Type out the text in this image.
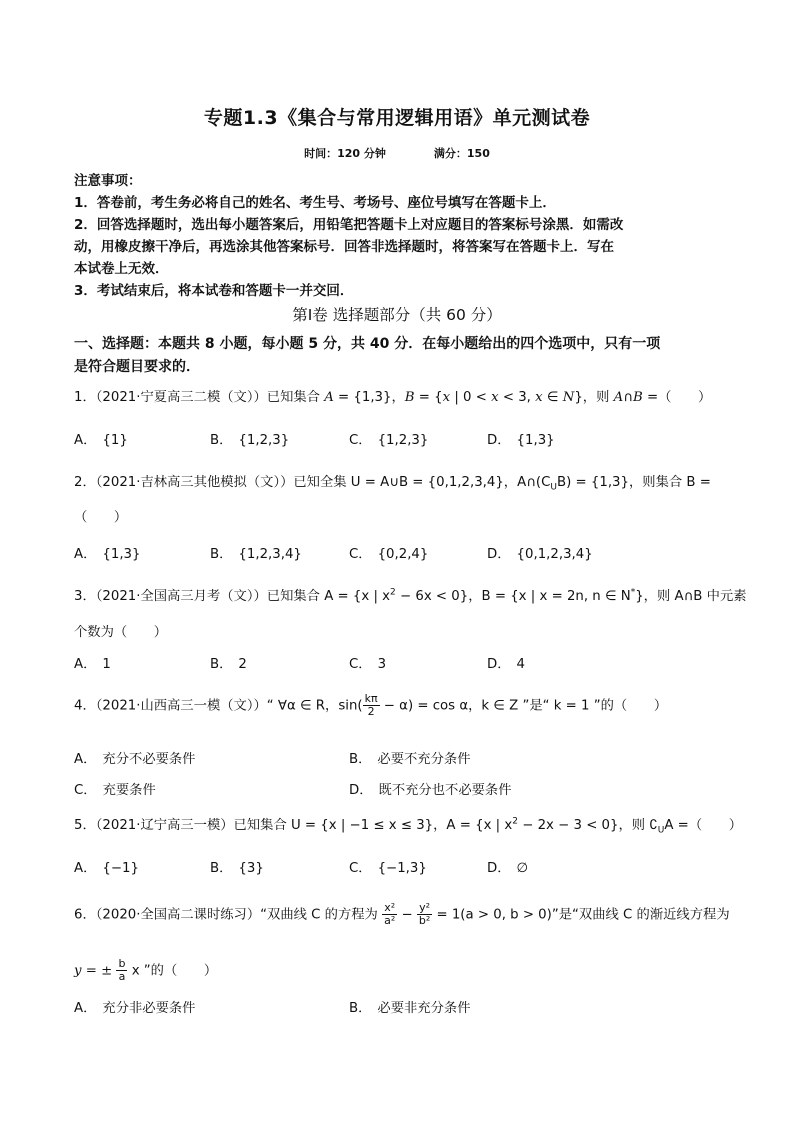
专题1.3《集合与常用逻辑用语》单元测试卷
时间：120 分钟	满分：150
注意事项：
1．答卷前，考生务必将自己的姓名、考生号、考场号、座位号填写在答题卡上．
2．回答选择题时，选出每小题答案后，用铅笔把答题卡上对应题目的答案标号涂黑．如需改
动，用橡皮擦干净后，再选涂其他答案标号．回答非选择题时，将答案写在答题卡上．写在
本试卷上无效．
3．考试结束后，将本试卷和答题卡一并交回．
第Ⅰ卷 选择题部分（共 60 分）
一、选择题：本题共 8 小题，每小题 5 分，共 40 分．在每小题给出的四个选项中，只有一项
是符合题目要求的．
1．（2021·宁夏高三二模（文））已知集合 A = {1,3}，B = {x | 0 < x < 3, x ∈ N}，则 A∩B =（　　）
A． {1}	B． {1,2,3}	C． {1,2,3}	D． {1,3}
2．（2021·吉林高三其他模拟（文））已知全集 U = A∪B = {0,1,2,3,4}，$A\cap(C_UB) = \{1,3\}$，则集合 B =
（　　）
A． {1,3}	B． {1,2,3,4}	C． {0,2,4}	D． {0,1,2,3,4}
3．（2021·全国高三月考（文））已知集合 A = {x | $x^2 - 6x < 0$}，B = {x | x = 2n, n ∈ N*}，则 A∩B 中元素
个数为（　　）
A． 1	B． 2	C． 3	D． 4
4．（2021·山西高三一模（文））“ ∀α ∈ R，$\sin( \frac{k\pi}{2} - \alpha) = \cos \alpha$，k ∈ Z ”是“ k = 1 ”的（　　）
A． 充分不必要条件	B． 必要不充分条件
C． 充要条件	D． 既不充分也不必要条件
5．（2021·辽宁高三一模）已知集合 U = {x | −1 ≤ x ≤ 3}，A = {x | $x^2 - 2x - 3 < 0$}，则 $∁_UA$ =（　　）
A． {−1}	B． {3}	C． {−1,3}	D． ∅
6．（2020·全国高二课时练习）“双曲线 C 的方程为 $\frac{\text{x²}}{\text{a²}} - \frac{\text{y²}}{\text{b²}} = 1(a > 0$, b > 0)”是“双曲线 C 的渐近线方程为
y = ± $\frac{b}{a}$ x ”的（　　）
A． 充分非必要条件	B． 必要非充分条件
